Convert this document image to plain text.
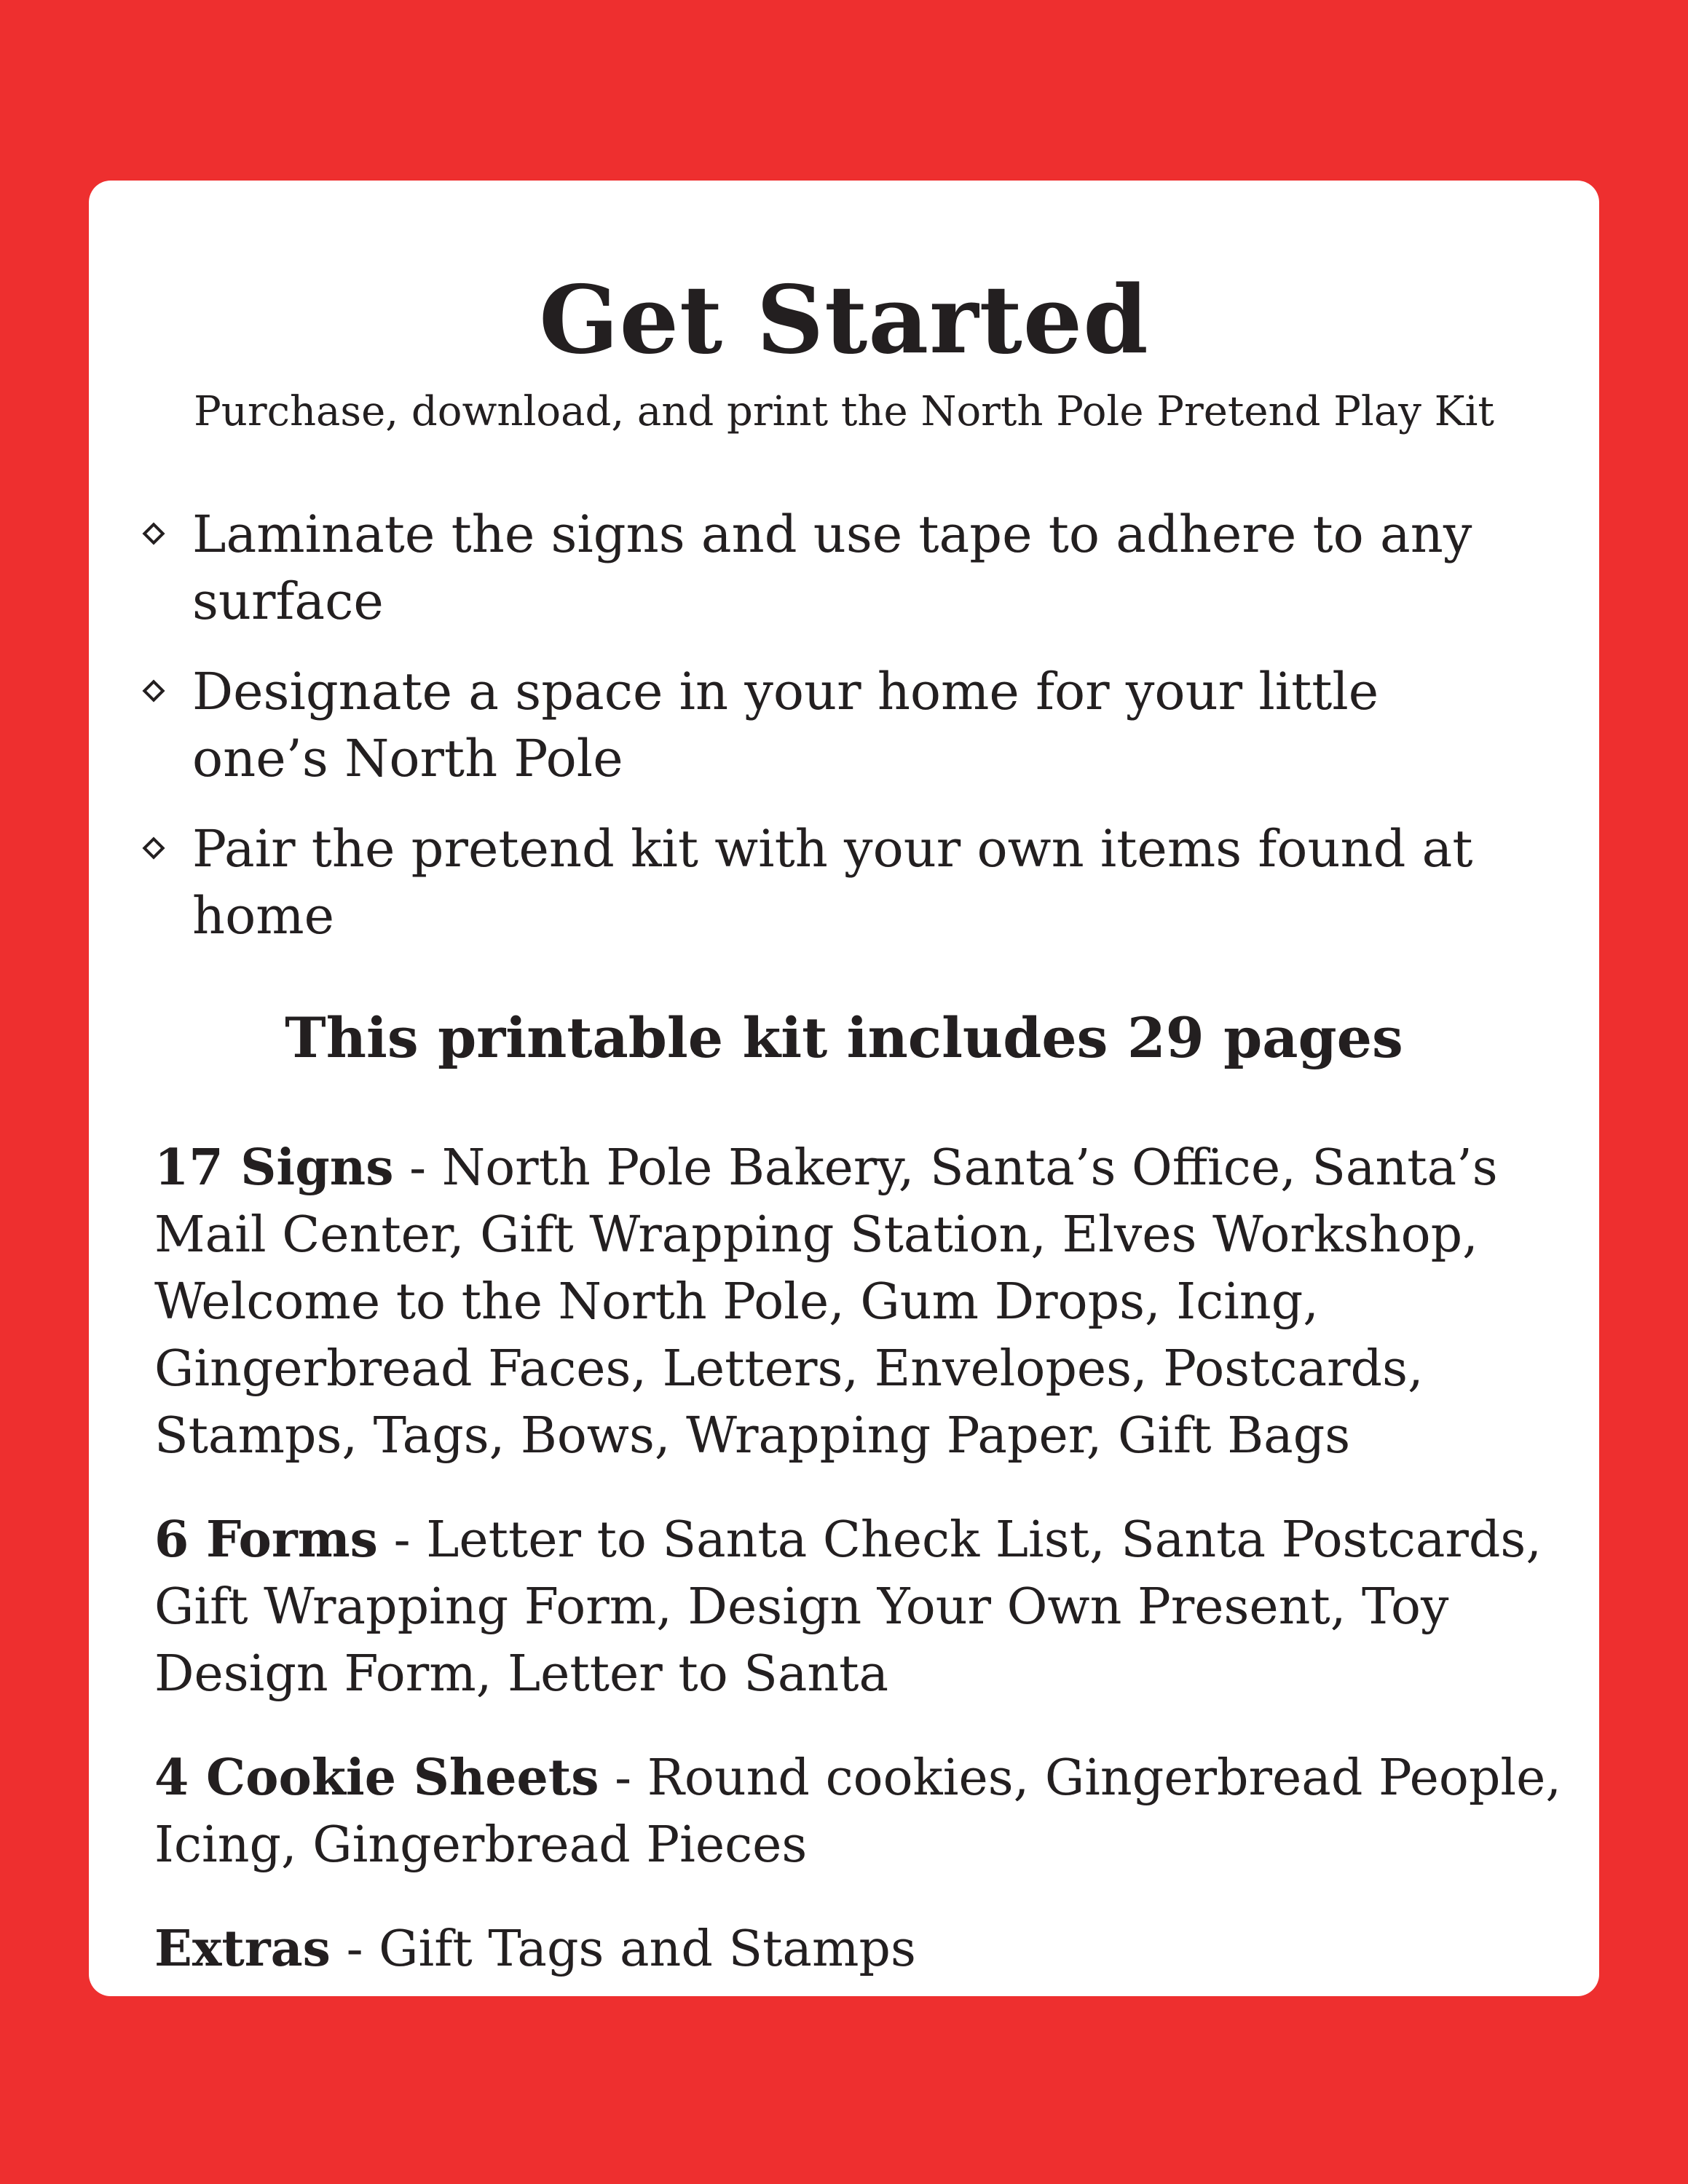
Get Started

Purchase, download, and print the North Pole Pretend Play Kit

Laminate the signs and use tape to adhere to any surface
Designate a space in your home for your little one’s North Pole
Pair the pretend kit with your own items found at home
This printable kit includes 29 pages

17 Signs - North Pole Bakery, Santa’s Office, Santa’s Mail Center, Gift Wrapping Station, Elves Workshop, Welcome to the North Pole, Gum Drops, Icing, Gingerbread Faces, Letters, Envelopes, Postcards, Stamps, Tags, Bows, Wrapping Paper, Gift Bags

6 Forms - Letter to Santa Check List, Santa Postcards, Gift Wrapping Form, Design Your Own Present, Toy Design Form, Letter to Santa

4 Cookie Sheets - Round cookies, Gingerbread People, Icing, Gingerbread Pieces

Extras - Gift Tags and Stamps
